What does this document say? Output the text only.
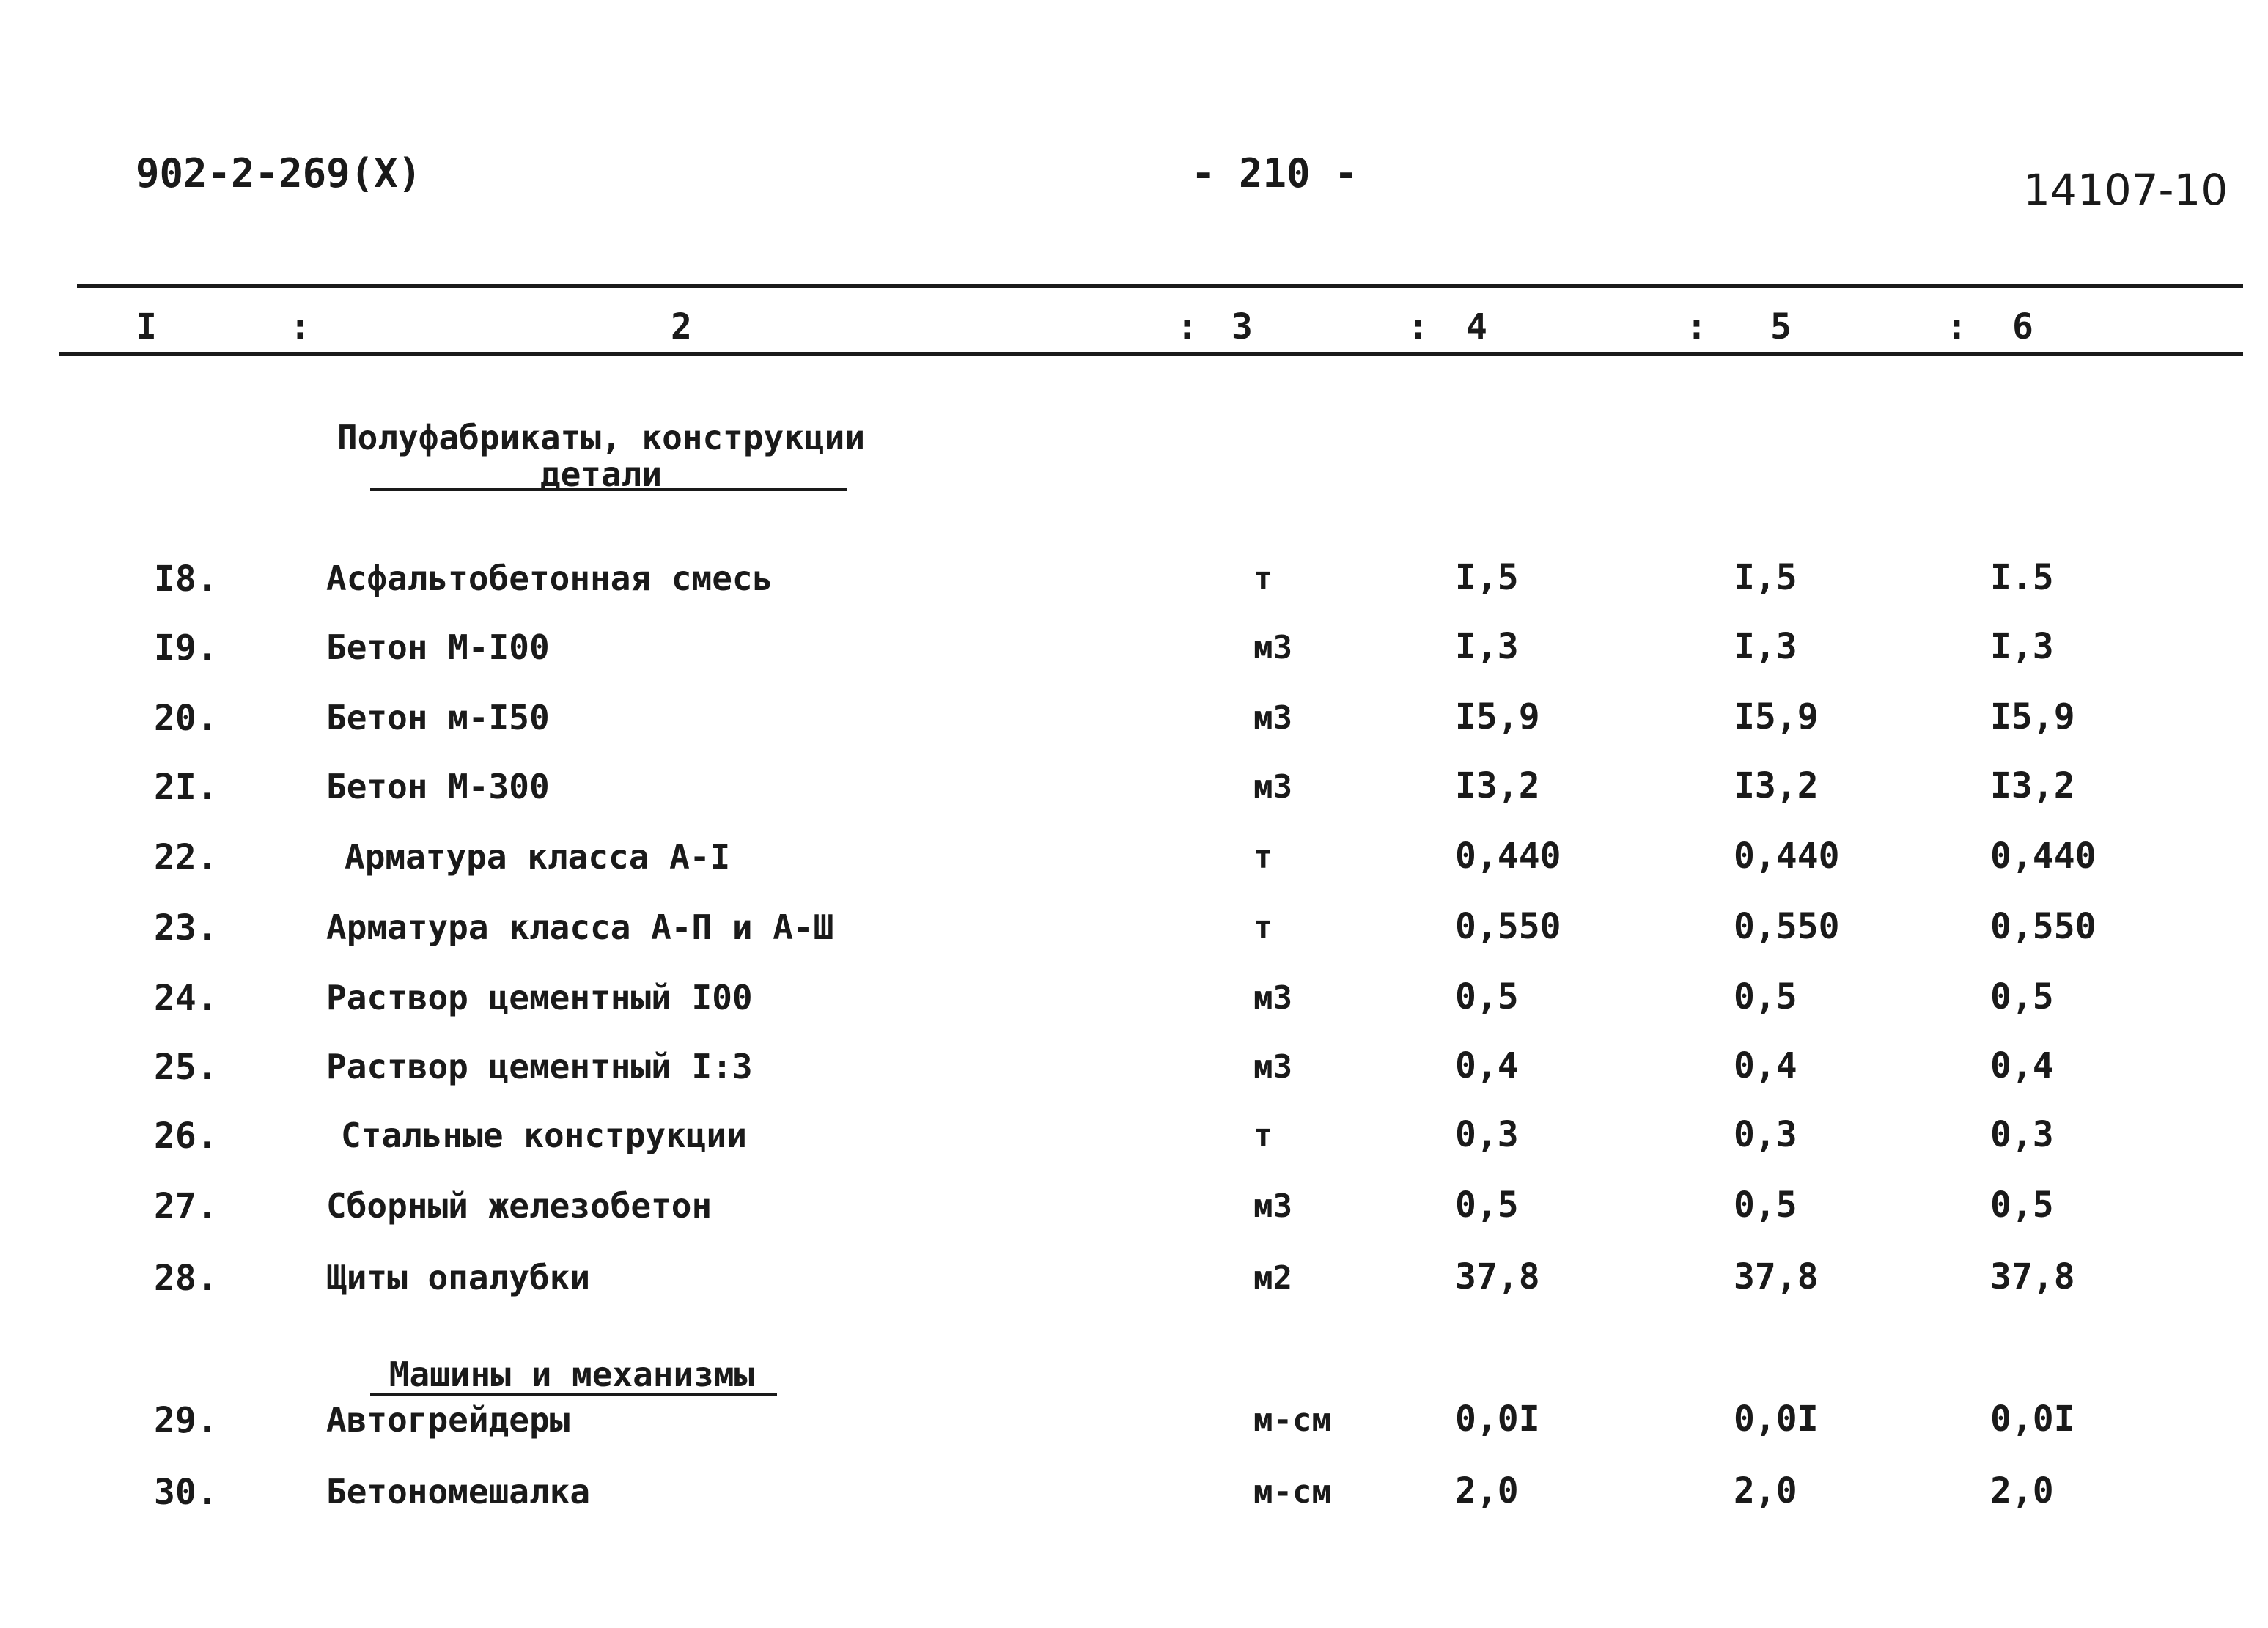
902-2-269(X)	- 210 -	14107-10
I	:	2	: 3	: 4	: 5	: 6
Полуфабрикаты, конструкции
детали
I8.	Асфальтобетонная смесь	т	I,5	I,5	I.5
I9.	Бетон М-I00	м3	I,3	I,3	I,3
20.	Бетон м-I50	м3	I5,9	I5,9	I5,9
2I.	Бетон М-300	м3	I3,2	I3,2	I3,2
22.	Арматура класса А-I	т	0,440	0,440	0,440
23.	Арматура класса А-П и А-Ш	т	0,550	0,550	0,550
24.	Раствор цементный I00	м3	0,5	0,5	0,5
25.	Раствор цементный I:3	м3	0,4	0,4	0,4
26.	Стальные конструкции	т	0,3	0,3	0,3
27.	Сборный железобетон	м3	0,5	0,5	0,5
28.	Щиты опалубки	м2	37,8	37,8	37,8
Машины и механизмы
29.	Автогрейдеры	м-см	0,0I	0,0I	0,0I
30.	Бетономешалка	м-см	2,0	2,0	2,0
